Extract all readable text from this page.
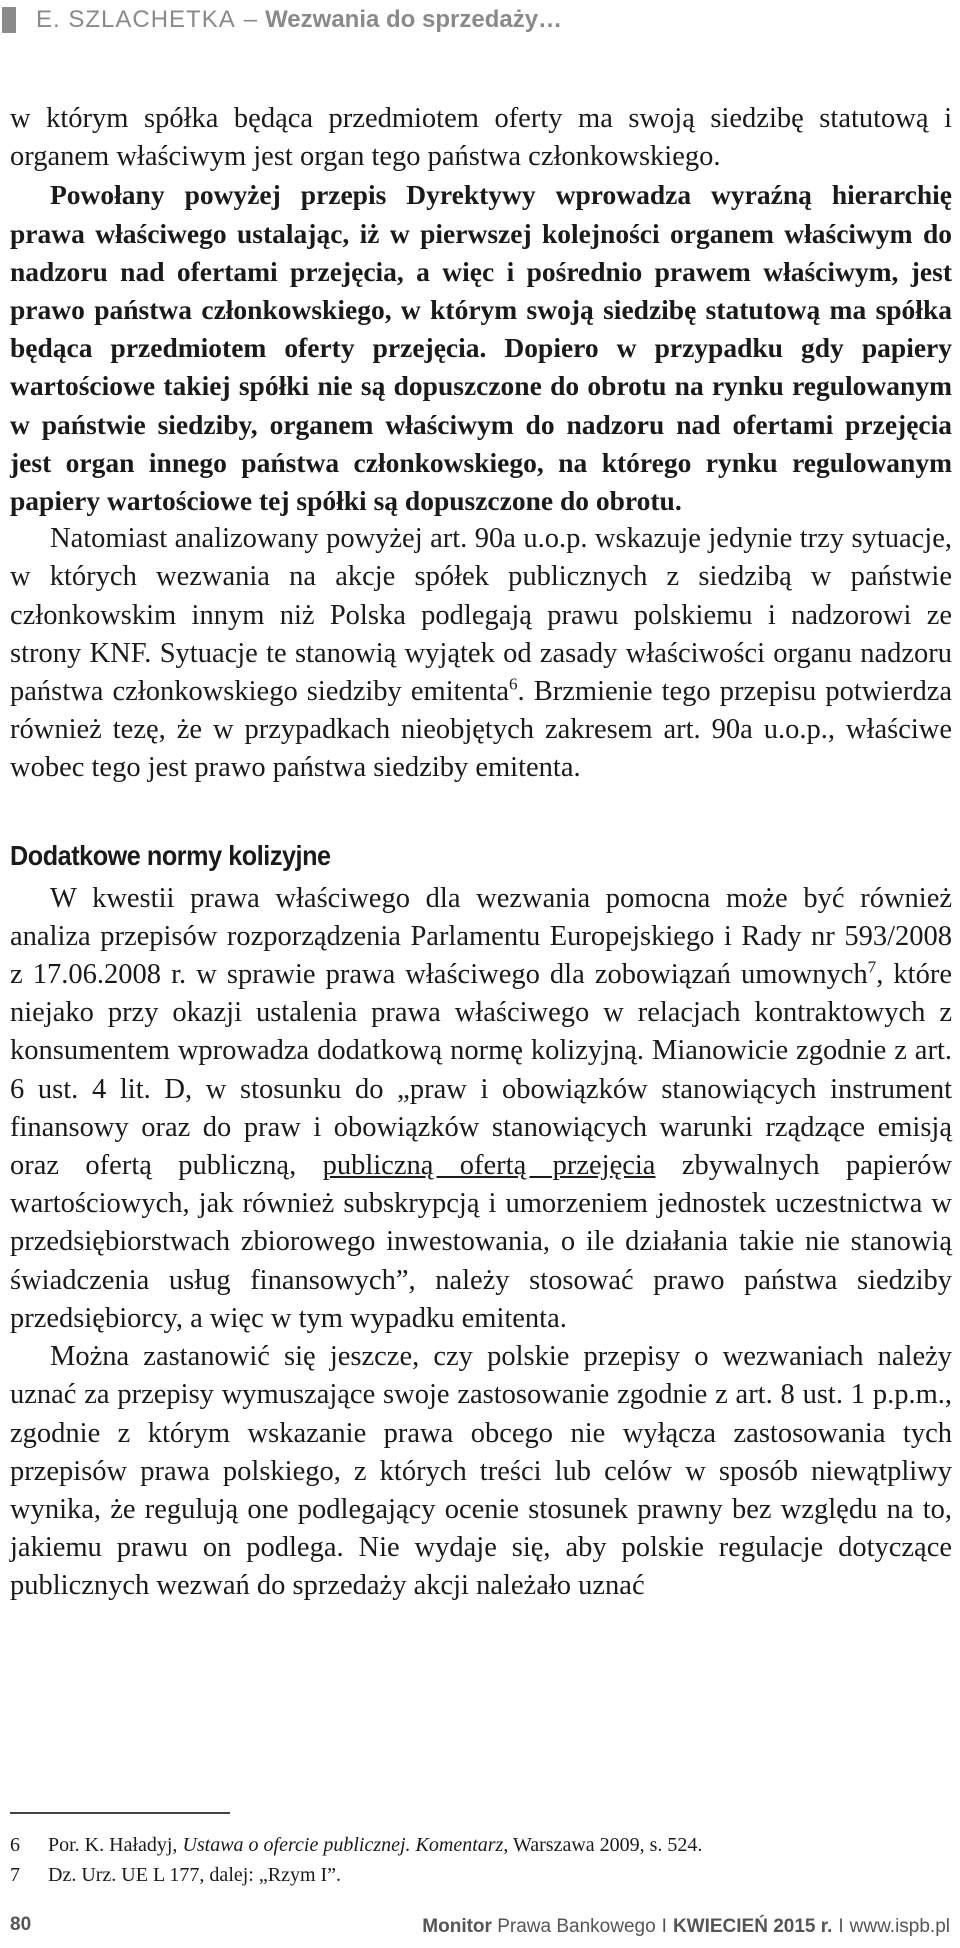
E. SZLACHETKA – Wezwania do sprzedaży…

w którym spółka będąca przedmiotem oferty ma swoją siedzibę statutową i organem właściwym jest organ tego państwa członkowskiego.

Powołany powyżej przepis Dyrektywy wprowadza wyraźną hierarchię prawa właściwego ustalając, iż w pierwszej kolejności organem właściwym do nadzoru nad ofertami przejęcia, a więc i pośrednio prawem właściwym, jest prawo państwa członkowskiego, w którym swoją siedzibę statutową ma spółka będąca przedmiotem oferty przejęcia. Dopiero w przypadku gdy papiery wartościowe takiej spółki nie są dopuszczone do obrotu na rynku regulowanym w państwie siedziby, organem właściwym do nadzoru nad ofertami przejęcia jest organ innego państwa członkowskiego, na którego rynku regulowanym papiery wartościowe tej spółki są dopuszczone do obrotu.

Natomiast analizowany powyżej art. 90a u.o.p. wskazuje jedynie trzy sytuacje, w których wezwania na akcje spółek publicznych z siedzibą w państwie członkowskim innym niż Polska podlegają prawu polskiemu i nadzorowi ze strony KNF. Sytuacje te stanowią wyjątek od zasady właściwości organu nadzoru państwa członkowskiego siedziby emitenta$^6$. Brzmienie tego przepisu potwierdza również tezę, że w przypadkach nieobjętych zakresem art. 90a u.o.p., właściwe wobec tego jest prawo państwa siedziby emitenta.

Dodatkowe normy kolizyjne

W kwestii prawa właściwego dla wezwania pomocna może być również analiza przepisów rozporządzenia Parlamentu Europejskiego i Rady nr 593/2008 z 17.06.2008 r. w sprawie prawa właściwego dla zobowiązań umownych$^7$, które niejako przy okazji ustalenia prawa właściwego w relacjach kontraktowych z konsumentem wprowadza dodatkową normę kolizyjną. Mianowicie zgodnie z art. 6 ust. 4 lit. D, w stosunku do „praw i obowiązków stanowiących instrument finansowy oraz do praw i obowiązków stanowiących warunki rządzące emisją oraz ofertą publiczną, publiczną ofertą przejęcia zbywalnych papierów wartościowych, jak również subskrypcją i umorzeniem jednostek uczestnictwa w przedsiębiorstwach zbiorowego inwestowania, o ile działania takie nie stanowią świadczenia usług finansowych”, należy stosować prawo państwa siedziby przedsiębiorcy, a więc w tym wypadku emitenta.

Można zastanowić się jeszcze, czy polskie przepisy o wezwaniach należy uznać za przepisy wymuszające swoje zastosowanie zgodnie z art. 8 ust. 1 p.p.m., zgodnie z którym wskazanie prawa obcego nie wyłącza zastosowania tych przepisów prawa polskiego, z których treści lub celów w sposób niewątpliwy wynika, że regulują one podlegający ocenie stosunek prawny bez względu na to, jakiemu prawu on podlega. Nie wydaje się, aby polskie regulacje dotyczące publicznych wezwań do sprzedaży akcji należało uznać

6	Por. K. Haładyj, Ustawa o ofercie publicznej. Komentarz, Warszawa 2009, s. 524.
7	Dz. Urz. UE L 177, dalej: „Rzym I”.
80	Monitor Prawa Bankowego I KWIECIEŃ 2015 r. I www.ispb.pl
